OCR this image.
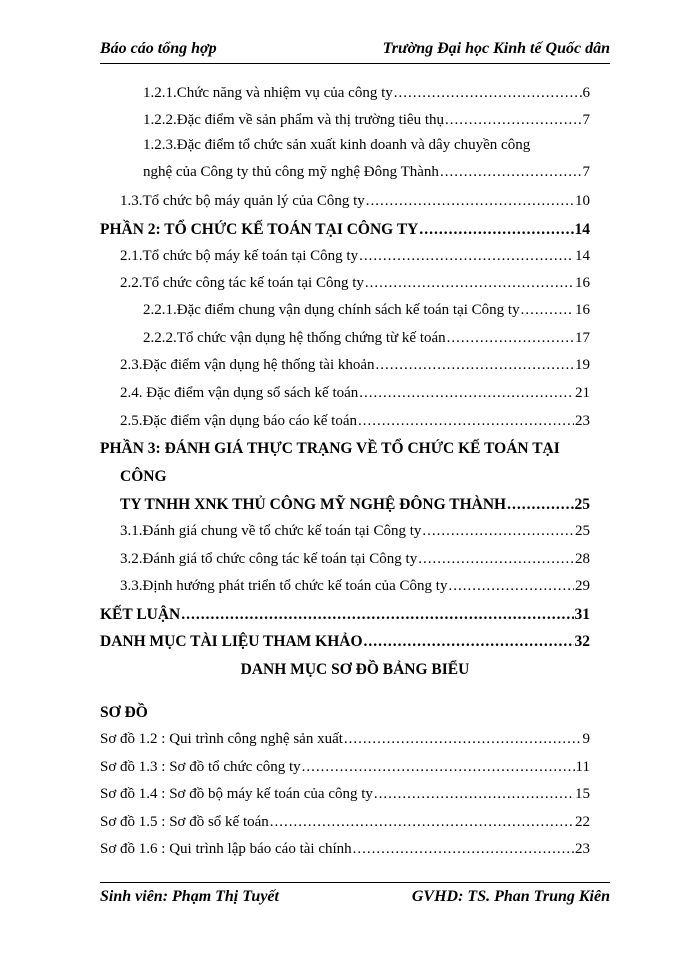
Báo cáo tổng hợp	Trường Đại học Kinh tế Quốc dân
1.2.1.Chức năng và nhiệm vụ của công ty .....	6
1.2.2.Đặc điểm về sản phẩm và thị trường tiêu thụ .....	7
1.2.3.Đặc điểm tổ chức sản xuất kinh doanh và dây chuyền công
nghệ của Công ty thủ công mỹ nghệ Đông Thành .....	7
1.3.Tổ chức bộ máy quản lý của Công ty .....	10
PHẦN 2: TỔ CHỨC KẾ TOÁN TẠI CÔNG TY .....	14
2.1.Tổ chức bộ máy kế toán tại Công ty .....	14
2.2.Tổ chức công tác kế toán tại Công ty .....	16
2.2.1.Đặc điểm chung vận dụng chính sách kế toán tại Công ty .....	16
2.2.2.Tổ chức vận dụng hệ thống chứng từ kế toán .....	17
2.3.Đặc điểm vận dụng hệ thống tài khoản .....	19
2.4. Đặc điểm vận dụng sổ sách kế toán .....	21
2.5.Đặc điểm vận dụng báo cáo kế toán .....	23
PHẦN 3: ĐÁNH GIÁ THỰC TRẠNG VỀ TỔ CHỨC KẾ TOÁN TẠI
CÔNG
TY TNHH XNK THỦ CÔNG MỸ NGHỆ ĐÔNG THÀNH .....	25
3.1.Đánh giá chung về tổ chức kế toán tại Công ty .....	25
3.2.Đánh giá tổ chức công tác kế toán tại Công ty .....	28
3.3.Định hướng phát triển tổ chức kế toán của Công ty .....	29
KẾT LUẬN .....	31
DANH MỤC TÀI LIỆU THAM KHẢO .....	32
DANH MỤC SƠ ĐỒ BẢNG BIỂU
SƠ ĐỒ
Sơ đồ 1.2 : Qui trình công nghệ sản xuất .....	9
Sơ đồ 1.3 : Sơ đồ tổ chức công ty .....	11
Sơ đồ 1.4 : Sơ đồ bộ máy kế toán của công ty .....	15
Sơ đồ 1.5 : Sơ đồ sổ kế toán .....	22
Sơ đồ 1.6 : Qui trình lập báo cáo tài chính .....	23
Sinh viên: Phạm Thị Tuyết	GVHD: TS. Phan Trung Kiên
